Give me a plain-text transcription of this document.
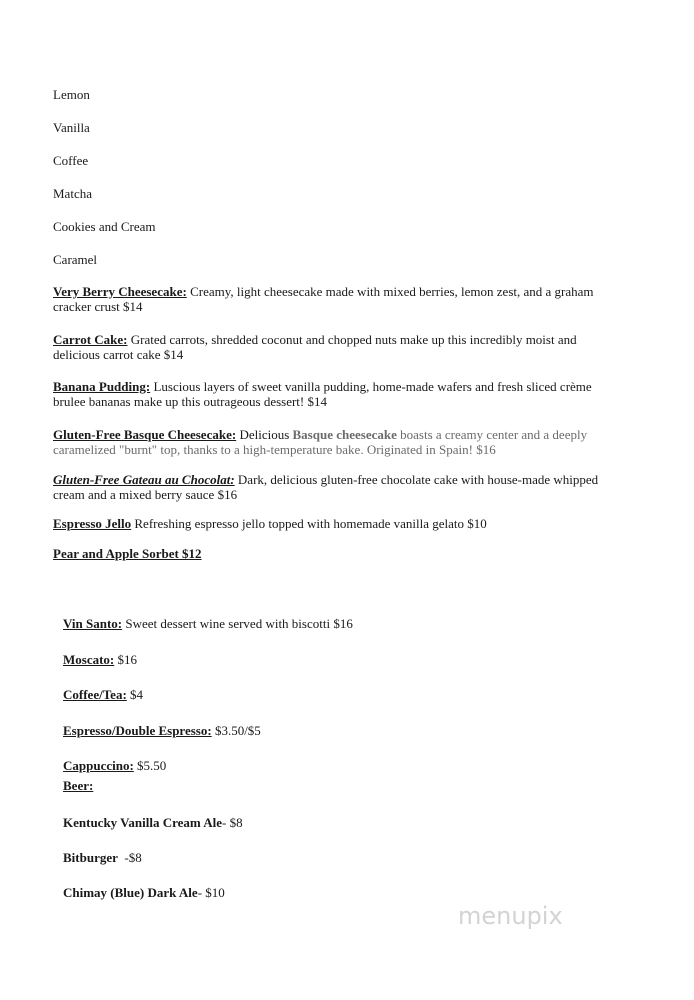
Lemon

Vanilla

Coffee

Matcha

Cookies and Cream

Caramel

Very Berry Cheesecake: Creamy, light cheesecake made with mixed berries, lemon zest, and a graham

cracker crust $14

Carrot Cake: Grated carrots, shredded coconut and chopped nuts make up this incredibly moist and

delicious carrot cake $14

Banana Pudding: Luscious layers of sweet vanilla pudding, home-made wafers and fresh sliced crème

brulee bananas make up this outrageous dessert! $14

Gluten-Free Basque Cheesecake: Delicious Basque cheesecake boasts a creamy center and a deeply

caramelized "burnt" top, thanks to a high-temperature bake. Originated in Spain! $16

Gluten-Free Gateau au Chocolat: Dark, delicious gluten-free chocolate cake with house-made whipped

cream and a mixed berry sauce $16

Espresso Jello Refreshing espresso jello topped with homemade vanilla gelato $10

Pear and Apple Sorbet $12

Vin Santo: Sweet dessert wine served with biscotti $16

Moscato: $16

Coffee/Tea: $4

Espresso/Double Espresso: $3.50/$5

Cappuccino: $5.50

Beer:

Kentucky Vanilla Cream Ale- $8

Bitburger  -$8

Chimay (Blue) Dark Ale- $10

menupix
